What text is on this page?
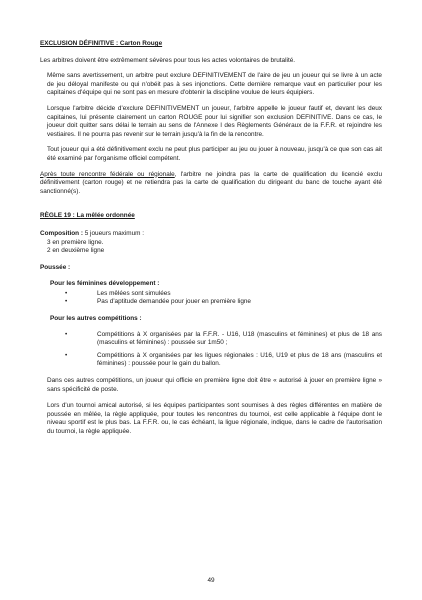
EXCLUSION DÉFINITIVE : Carton Rouge

Les arbitres doivent être extrêmement sévères pour tous les actes volontaires de brutalité.

Même sans avertissement, un arbitre peut exclure DEFINITIVEMENT de l'aire de jeu un joueur qui se livre à un acte de jeu déloyal manifeste ou qui n'obéit pas à ses injonctions. Cette dernière remarque vaut en particulier pour les capitaines d'équipe qui ne sont pas en mesure d'obtenir la discipline voulue de leurs équipiers.

Lorsque l'arbitre décide d'exclure DEFINITIVEMENT un joueur, l'arbitre appelle le joueur fautif et, devant les deux capitaines, lui présente clairement un carton ROUGE pour lui signifier son exclusion DEFINITIVE. Dans ce cas, le joueur doit quitter sans délai le terrain au sens de l'Annexe I des Règlements Généraux de la F.F.R. et rejoindre les vestiaires. Il ne pourra pas revenir sur le terrain jusqu'à la fin de la rencontre.

Tout joueur qui a été définitivement exclu ne peut plus participer au jeu ou jouer à nouveau, jusqu'à ce que son cas ait été examiné par l'organisme officiel compétent.

Après toute rencontre fédérale ou régionale, l'arbitre ne joindra pas la carte de qualification du licencié exclu définitivement (carton rouge) et ne retiendra pas la carte de qualification du dirigeant du banc de touche ayant été sanctionné(s).

RÈGLE 19 : La mêlée ordonnée

Composition : 5 joueurs maximum :

3 en première ligne.

2 en deuxième ligne

Poussée :

Pour les féminines développement :

•	Les mêlées sont simulées
•	Pas d'aptitude demandée pour jouer en première ligne

Pour les autres compétitions :

•	Compétitions à X organisées par la F.F.R. - U16, U18 (masculins et féminines) et plus de 18 ans (masculins et féminines) : poussée sur 1m50 ;
•	Compétitions à X organisées par les ligues régionales : U16, U19 et plus de 18 ans (masculins et féminines) : poussée pour le gain du ballon.

Dans ces autres compétitions, un joueur qui officie en première ligne doit être « autorisé à jouer en première ligne » sans spécificité de poste.

Lors d'un tournoi amical autorisé, si les équipes participantes sont soumises à des règles différentes en matière de poussée en mêlée, la règle appliquée, pour toutes les rencontres du tournoi, est celle applicable à l'équipe dont le niveau sportif est le plus bas. La F.F.R. ou, le cas échéant, la ligue régionale, indique, dans le cadre de l'autorisation du tournoi, la règle appliquée.

49
